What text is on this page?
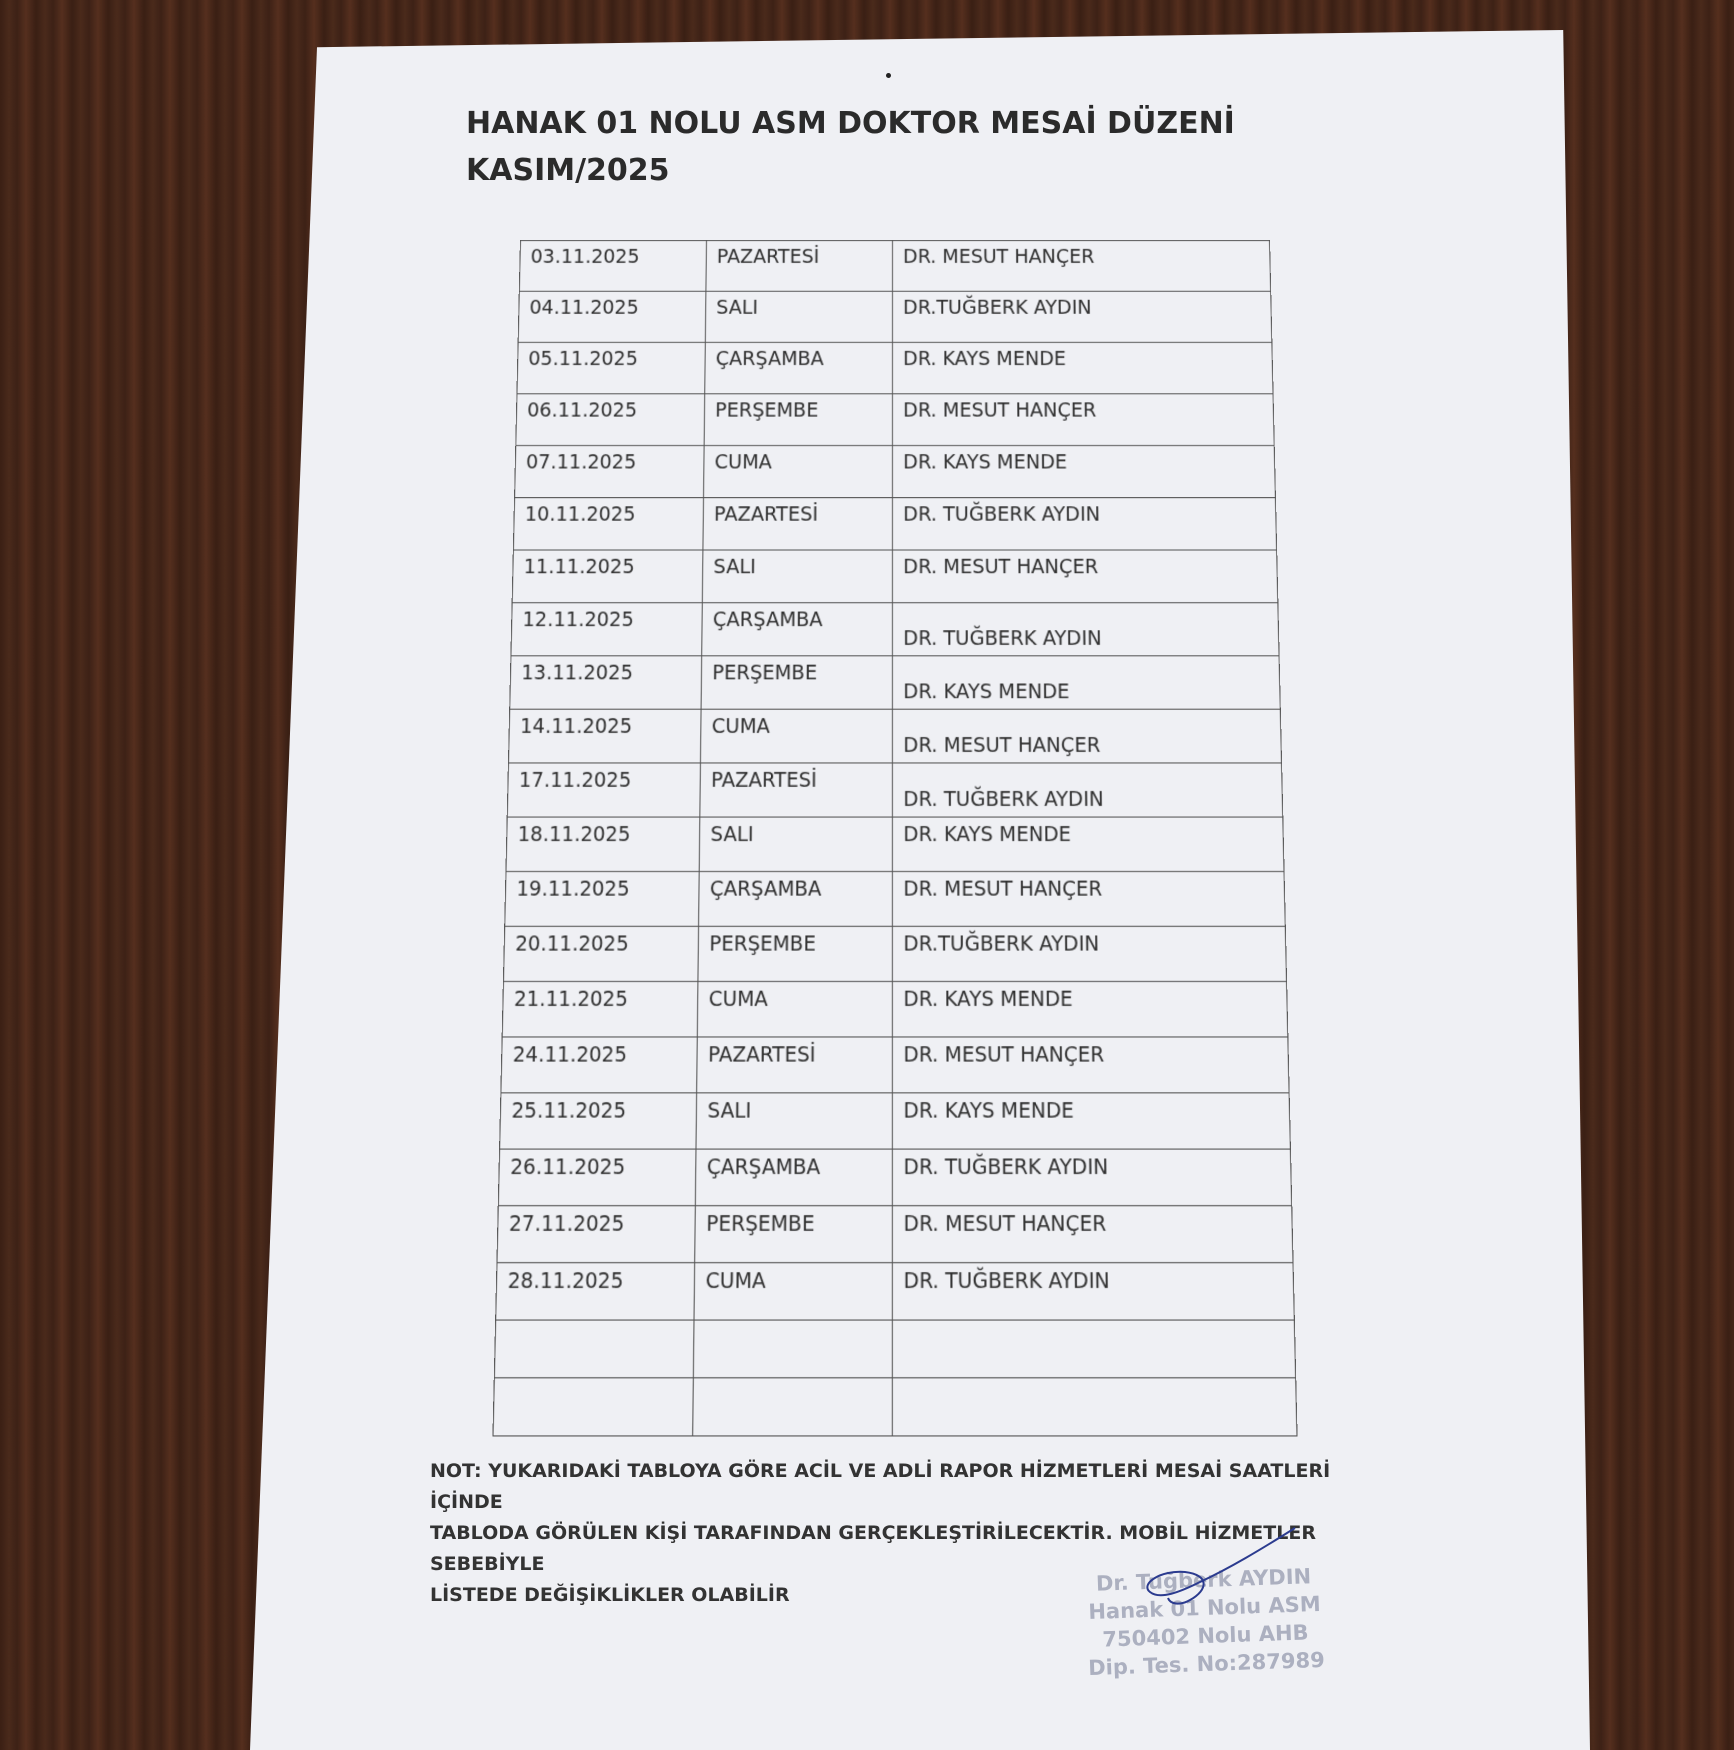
HANAK 01 NOLU ASM DOKTOR MESAİ DÜZENİ
KASIM/2025
03.11.2025	PAZARTESİ	DR. MESUT HANÇER
04.11.2025	SALI	DR.TUĞBERK AYDIN
05.11.2025	ÇARŞAMBA	DR. KAYS MENDE
06.11.2025	PERŞEMBE	DR. MESUT HANÇER
07.11.2025	CUMA	DR. KAYS MENDE
10.11.2025	PAZARTESİ	DR. TUĞBERK AYDIN
11.11.2025	SALI	DR. MESUT HANÇER
12.11.2025	ÇARŞAMBA	DR. TUĞBERK AYDIN
13.11.2025	PERŞEMBE	DR. KAYS MENDE
14.11.2025	CUMA	DR. MESUT HANÇER
17.11.2025	PAZARTESİ	DR. TUĞBERK AYDIN
18.11.2025	SALI	DR. KAYS MENDE
19.11.2025	ÇARŞAMBA	DR. MESUT HANÇER
20.11.2025	PERŞEMBE	DR.TUĞBERK AYDIN
21.11.2025	CUMA	DR. KAYS MENDE
24.11.2025	PAZARTESİ	DR. MESUT HANÇER
25.11.2025	SALI	DR. KAYS MENDE
26.11.2025	ÇARŞAMBA	DR. TUĞBERK AYDIN
27.11.2025	PERŞEMBE	DR. MESUT HANÇER
28.11.2025	CUMA	DR. TUĞBERK AYDIN

NOT: YUKARIDAKİ TABLOYA GÖRE ACİL VE ADLİ RAPOR HİZMETLERİ MESAİ SAATLERİ İÇİNDE
TABLODA GÖRÜLEN KİŞİ TARAFINDAN GERÇEKLEŞTİRİLECEKTİR. MOBİL HİZMETLER SEBEBİYLE
LİSTEDE DEĞİŞİKLİKLER OLABİLİR	Dr. Tuğberk AYDIN
Hanak 01 Nolu ASM
750402 Nolu AHB
Dip. Tes. No:287989
